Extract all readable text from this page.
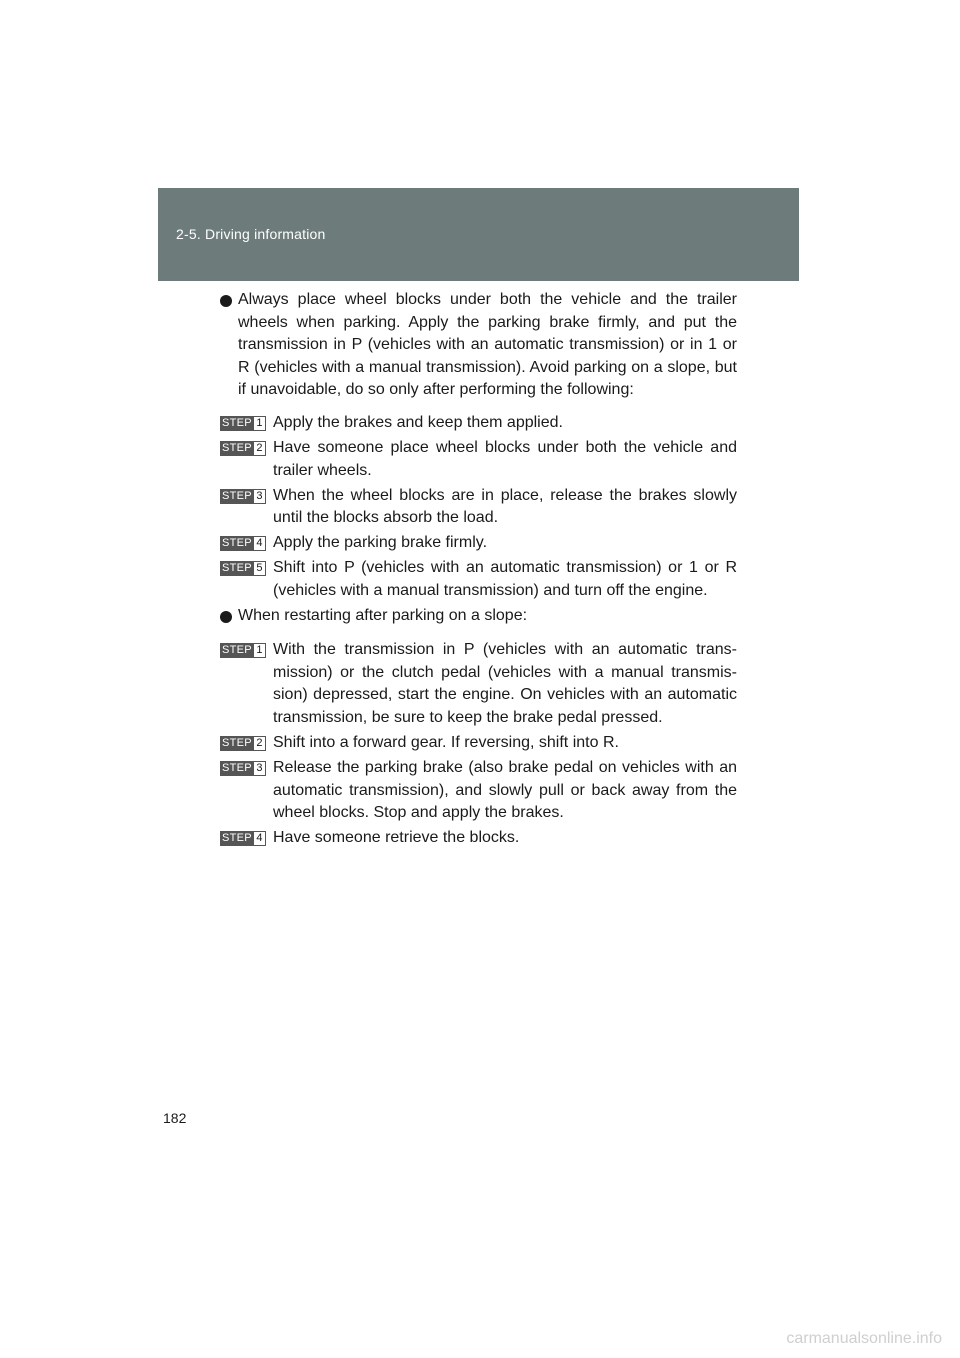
2-5. Driving information
Always place wheel blocks under both the vehicle and the trailer wheels when parking. Apply the parking brake firmly, and put the transmission in P (vehicles with an automatic transmission) or in 1 or R (vehicles with a manual transmission). Avoid parking on a slope, but if unavoidable, do so only after performing the following:
STEP 1 Apply the brakes and keep them applied.
STEP 2 Have someone place wheel blocks under both the vehicle and trailer wheels.
STEP 3 When the wheel blocks are in place, release the brakes slowly until the blocks absorb the load.
STEP 4 Apply the parking brake firmly.
STEP 5 Shift into P (vehicles with an automatic transmission) or 1 or R (vehicles with a manual transmission) and turn off the engine.
When restarting after parking on a slope:
STEP 1 With the transmission in P (vehicles with an automatic trans-mission) or the clutch pedal (vehicles with a manual transmis-sion) depressed, start the engine. On vehicles with an automatic transmission, be sure to keep the brake pedal pressed.
STEP 2 Shift into a forward gear. If reversing, shift into R.
STEP 3 Release the parking brake (also brake pedal on vehicles with an automatic transmission), and slowly pull or back away from the wheel blocks. Stop and apply the brakes.
STEP 4 Have someone retrieve the blocks.
182
carmanualsonline.info
